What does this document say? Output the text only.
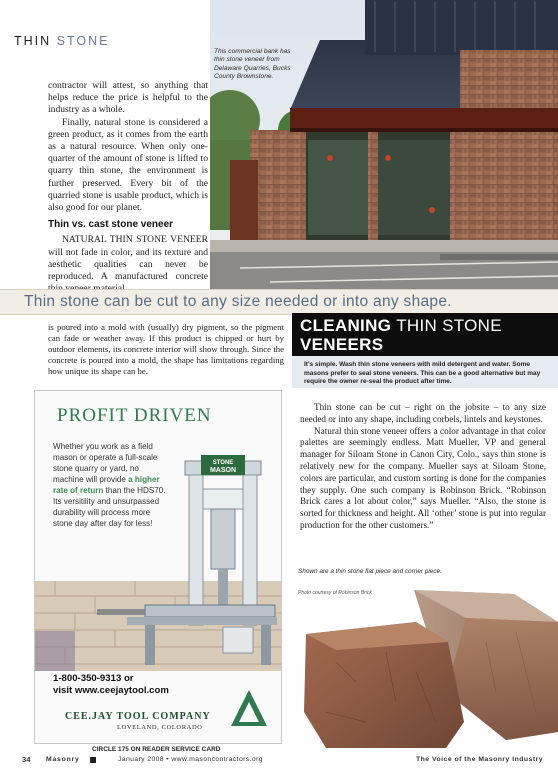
THIN STONE

contractor will attest, so anything that helps reduce the price is helpful to the industry as a whole.

Finally, natural stone is considered a green product, as it comes from the earth as a natural resource. When only one-quarter of the amount of stone is lifted to quarry thin stone, the environment is further preserved. Every bit of the quarried stone is usable product, which is also good for our planet.

Thin vs. cast stone veneer

NATURAL THIN STONE VENEER will not fade in color, and its texture and aesthetic qualities can never be reproduced. A manufactured concrete

This commercial bank has thin stone veneer from Delaware Quarries, Bucks County Brownstone.
Thin stone can be cut to any size needed or into any shape.

is poured into a mold with (usually) dry pigment, so the pigment can fade or weather away. If this product is chipped or hurt by outdoor elements, its concrete interior will show through. Since the concrete is poured into a mold, the shape has limitations regarding how unique its shape can be.

CLEANING THIN STONE
VENEERS
It's simple. Wash thin stone veneers with mild detergent and water. Some masons prefer to seal stone veneers. This can be a good alternative but may require the owner re-seal the product after time.

Thin stone can be cut – right on the jobsite – to any size needed or into any shape, including corbels, lintels and keystones.

Natural thin stone veneer offers a color advantage in that color palettes are seemingly endless. Matt Mueller, VP and general manager for Siloam Stone in Canon City, Colo., says thin stone is relatively new for the company. Mueller says at Siloam Stone, colors are particular, and custom sorting is done for the companies they supply. One such company is Robinson Brick. “Robinson Brick cares a lot about color,” says Mueller. “Also, the stone is sorted for thickness and height. All ‘other’ stone is put into regular production for the other customers.”

Shown are a thin stone flat piece and corner piece.
Photo courtesy of Robinson Brick
PROFIT DRIVEN
Whether you work as a field mason or operate a full-scale stone quarry or yard, no machine will provide a higher rate of return than the HDS70. Its versitility and unsurpassed durability will process more stone day after day for less!
STONE
MASON
1-800-350-9313 or
visit www.ceejaytool.com
CEE.JAY TOOL COMPANY
LOVELAND, COLORADO
CIRCLE 175 ON READER SERVICE CARD
34 Masonry	January 2008 • www.masoncontractors.org	The Voice of the Masonry Industry
